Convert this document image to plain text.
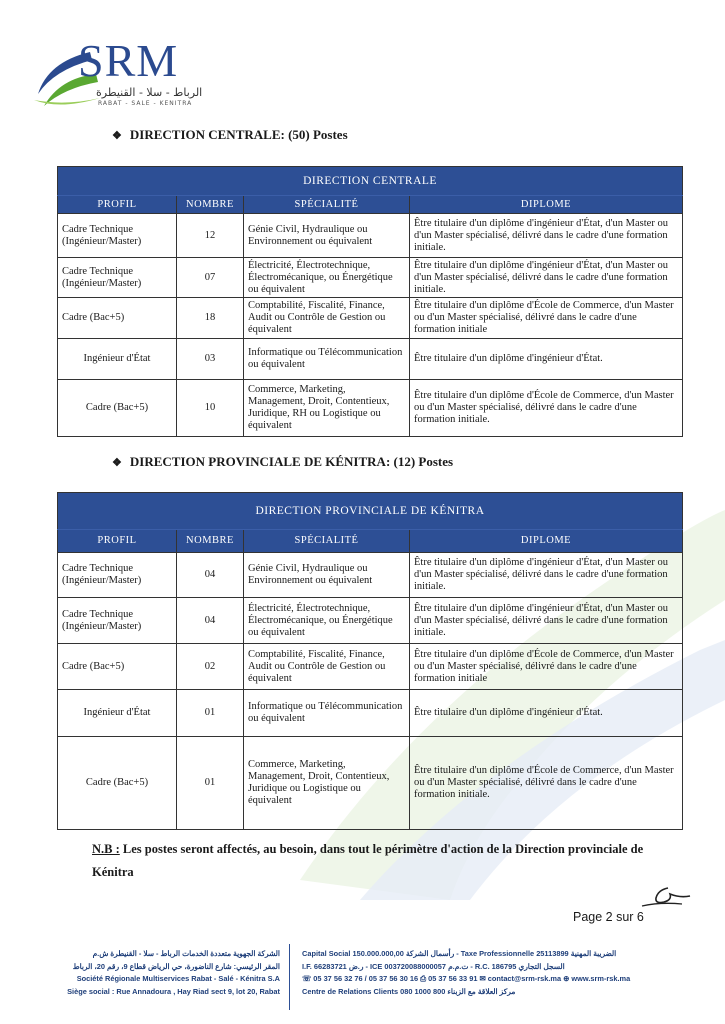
SRM
الرباط - سلا - القنيطرة
RABAT - SALE - KENITRA
❖ DIRECTION CENTRALE: (50) Postes
DIRECTION CENTRALE			
PROFIL	NOMBRE	SPÉCIALITÉ	DIPLOME
Cadre Technique (Ingénieur/Master)	12	Génie Civil, Hydraulique ou Environnement ou équivalent	Être titulaire d'un diplôme d'ingénieur d'État, d'un Master ou d'un Master spécialisé, délivré dans le cadre d'une formation initiale.
Cadre Technique (Ingénieur/Master)	07	Électricité, Électrotechnique, Électromécanique, ou Énergétique ou équivalent	Être titulaire d'un diplôme d'ingénieur d'État, d'un Master ou d'un Master spécialisé, délivré dans le cadre d'une formation initiale.
Cadre (Bac+5)	18	Comptabilité, Fiscalité, Finance, Audit ou Contrôle de Gestion ou équivalent	Être titulaire d'un diplôme d'École de Commerce, d'un Master ou d'un Master spécialisé, délivré dans le cadre d'une formation initiale
Ingénieur d'État	03	Informatique ou Télécommunication ou équivalent	Être titulaire d'un diplôme d'ingénieur d'État.
Cadre (Bac+5)	10	Commerce, Marketing, Management, Droit, Contentieux, Juridique, RH ou Logistique ou équivalent	Être titulaire d'un diplôme d'École de Commerce, d'un Master ou d'un Master spécialisé, délivré dans le cadre d'une formation initiale.
❖ DIRECTION PROVINCIALE DE KÉNITRA: (12) Postes
DIRECTION PROVINCIALE DE KÉNITRA			
PROFIL	NOMBRE	SPÉCIALITÉ	DIPLOME
Cadre Technique (Ingénieur/Master)	04	Génie Civil, Hydraulique ou Environnement ou équivalent	Être titulaire d'un diplôme d'ingénieur d'État, d'un Master ou d'un Master spécialisé, délivré dans le cadre d'une formation initiale.
Cadre Technique (Ingénieur/Master)	04	Électricité, Électrotechnique, Électromécanique, ou Énergétique ou équivalent	Être titulaire d'un diplôme d'ingénieur d'État, d'un Master ou d'un Master spécialisé, délivré dans le cadre d'une formation initiale.
Cadre (Bac+5)	02	Comptabilité, Fiscalité, Finance, Audit ou Contrôle de Gestion ou équivalent	Être titulaire d'un diplôme d'École de Commerce, d'un Master ou d'un Master spécialisé, délivré dans le cadre d'une formation initiale
Ingénieur d'État	01	Informatique ou Télécommunication ou équivalent	Être titulaire d'un diplôme d'ingénieur d'État.
Cadre (Bac+5)	01	Commerce, Marketing, Management, Droit, Contentieux, Juridique ou Logistique ou équivalent	Être titulaire d'un diplôme d'École de Commerce, d'un Master ou d'un Master spécialisé, délivré dans le cadre d'une formation initiale.
N.B : Les postes seront affectés, au besoin, dans tout le périmètre d'action de la Direction provinciale de Kénitra
Page 2 sur 6
الشركة الجهوية متعددة الخدمات الرباط - سلا - القنيطرة ش.م
المقر الرئيسي: شارع الناضورة، حي الرياض قطاع 9، رقم 20، الرباط
Société Régionale Multiservices Rabat - Salé - Kénitra S.A
Siège social : Rue Annadoura , Hay Riad sect 9, lot 20, Rabat
Capital Social 150.000.000,00 رأسمال الشركة - Taxe Professionnelle 25113899 الضريبة المهنية
I.F. 66283721 ر.ض - ICE 003720088000057 ت.م.م - R.C. 186795 السجل التجاري
☏ 05 37 56 32 76 / 05 37 56 30 16 ⎙ 05 37 56 33 91 ✉ contact@srm-rsk.ma ⊕ www.srm-rsk.ma
Centre de Relations Clients 080 1000 800 مركز العلاقة مع الزبناء
